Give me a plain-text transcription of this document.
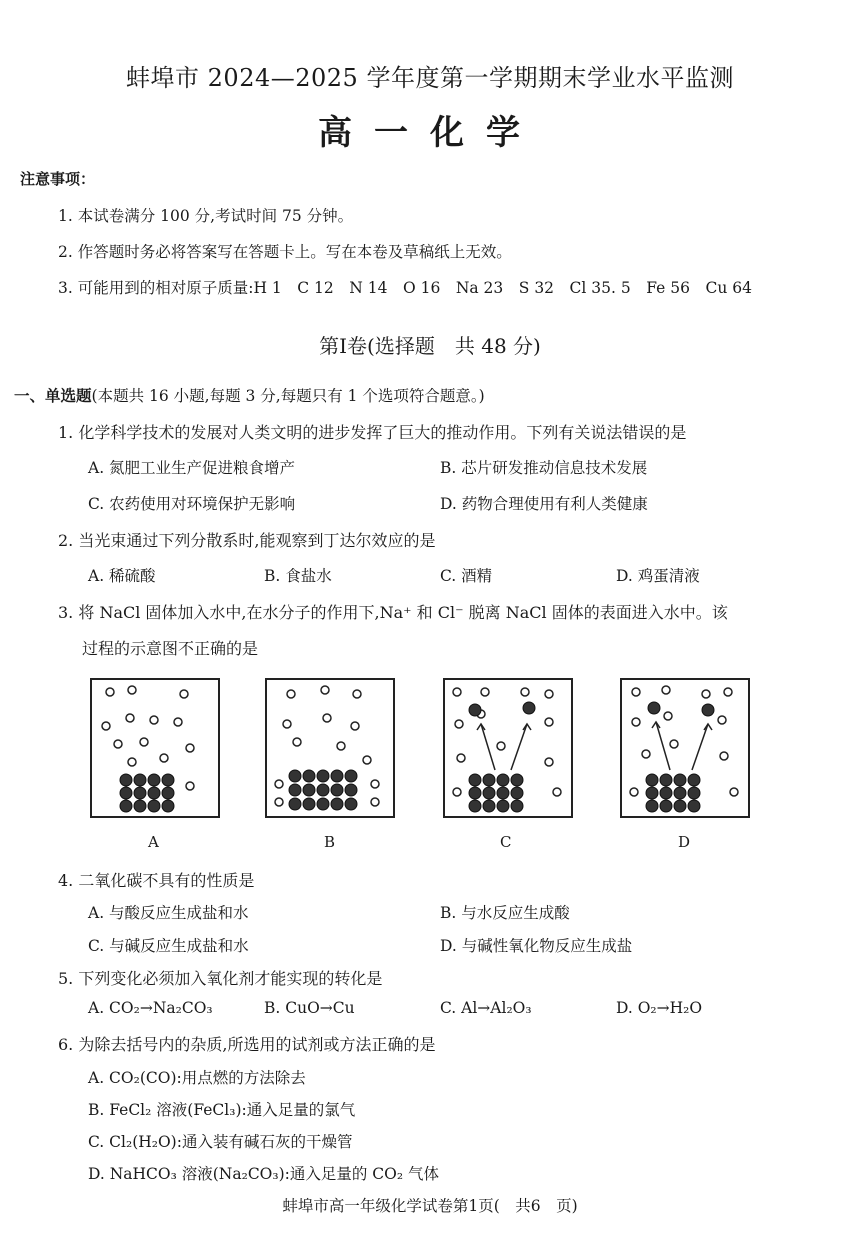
蚌埠市 2024—2025 学年度第一学期期末学业水平监测
高一化学
注意事项：
1. 本试卷满分 100 分,考试时间 75 分钟。
2. 作答题时务必将答案写在答题卡上。写在本卷及草稿纸上无效。
3. 可能用到的相对原子质量:H 1　C 12　N 14　O 16　Na 23　S 32　Cl 35. 5　Fe 56　Cu 64
第Ⅰ卷(选择题　共 48 分)
一、单选题(本题共 16 小题,每题 3 分,每题只有 1 个选项符合题意。)
1. 化学科学技术的发展对人类文明的进步发挥了巨大的推动作用。下列有关说法错误的是
A. 氮肥工业生产促进粮食增产	B. 芯片研发推动信息技术发展
C. 农药使用对环境保护无影响	D. 药物合理使用有利人类健康
2. 当光束通过下列分散系时,能观察到丁达尔效应的是
A. 稀硫酸	B. 食盐水	C. 酒精	D. 鸡蛋清液
3. 将 NaCl 固体加入水中,在水分子的作用下,Na⁺ 和 Cl⁻ 脱离 NaCl 固体的表面进入水中。该
过程的示意图不正确的是
A	B	C	D
4. 二氧化碳不具有的性质是
A. 与酸反应生成盐和水	B. 与水反应生成酸
C. 与碱反应生成盐和水	D. 与碱性氧化物反应生成盐
5. 下列变化必须加入氧化剂才能实现的转化是
A. CO₂→Na₂CO₃	B. CuO→Cu	C. Al→Al₂O₃	D. O₂→H₂O
6. 为除去括号内的杂质,所选用的试剂或方法正确的是
A. CO₂(CO):用点燃的方法除去
B. FeCl₂ 溶液(FeCl₃):通入足量的氯气
C. Cl₂(H₂O):通入装有碱石灰的干燥管
D. NaHCO₃ 溶液(Na₂CO₃):通入足量的 CO₂ 气体
蚌埠市高一年级化学试卷第1页(　共6　页)
